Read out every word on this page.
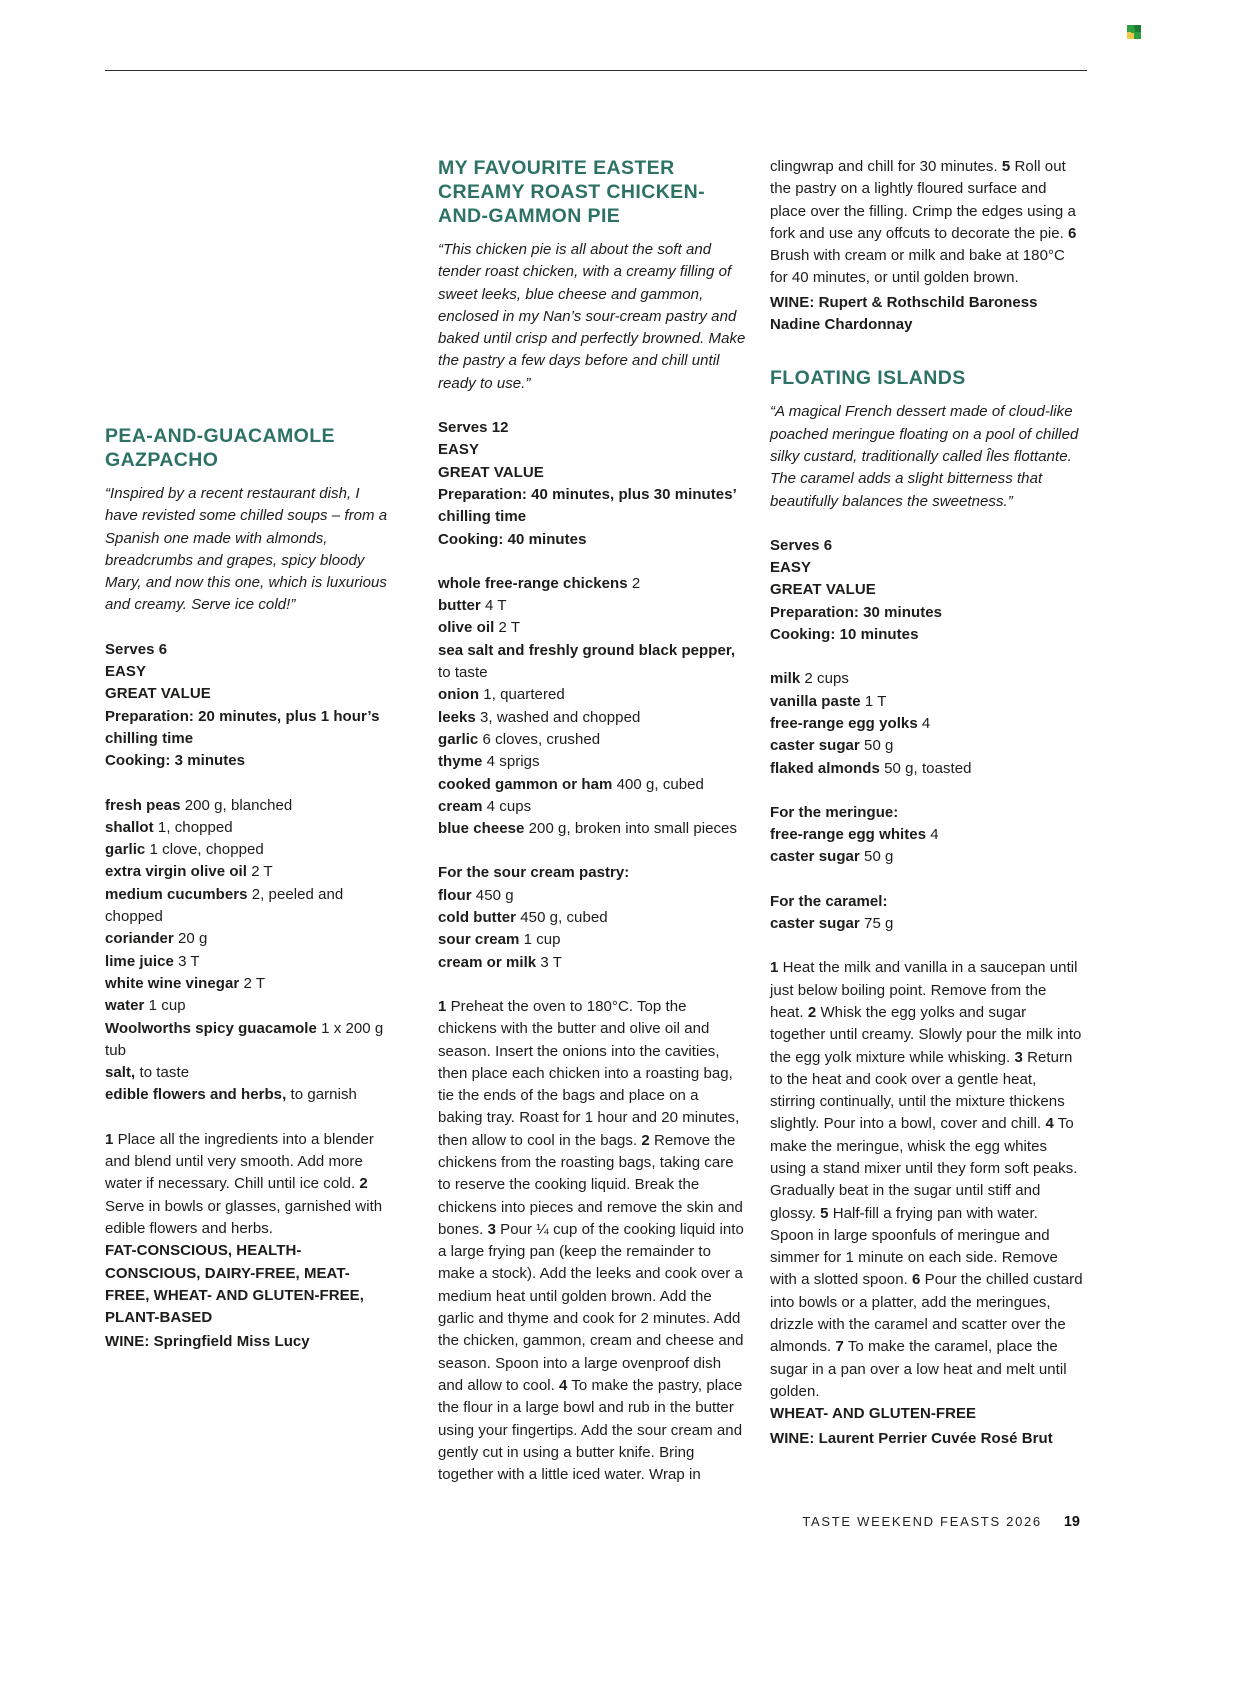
PEA-AND-GUACAMOLE GAZPACHO

“Inspired by a recent restaurant dish, I have revisted some chilled soups – from a Spanish one made with almonds, breadcrumbs and grapes, spicy bloody Mary, and now this one, which is luxurious and creamy. Serve ice cold!”

Serves 6
EASY
GREAT VALUE
Preparation: 20 minutes, plus 1 hour’s chilling time
Cooking: 3 minutes
fresh peas 200 g, blanched
shallot 1, chopped
garlic 1 clove, chopped
extra virgin olive oil 2 T
medium cucumbers 2, peeled and chopped
coriander 20 g
lime juice 3 T
white wine vinegar 2 T
water 1 cup
Woolworths spicy guacamole 1 x 200 g tub
salt, to taste
edible flowers and herbs, to garnish

1 Place all the ingredients into a blender and blend until very smooth. Add more water if necessary. Chill until ice cold. 2 Serve in bowls or glasses, garnished with edible flowers and herbs.

FAT-CONSCIOUS, HEALTH-CONSCIOUS, DAIRY-FREE, MEAT-FREE, WHEAT- AND GLUTEN-FREE, PLANT-BASED

WINE: Springfield Miss Lucy

MY FAVOURITE EASTER CREAMY ROAST CHICKEN-AND-GAMMON PIE

“This chicken pie is all about the soft and tender roast chicken, with a creamy filling of sweet leeks, blue cheese and gammon, enclosed in my Nan’s sour-cream pastry and baked until crisp and perfectly browned. Make the pastry a few days before and chill until ready to use.”

Serves 12
EASY
GREAT VALUE
Preparation: 40 minutes, plus 30 minutes’ chilling time
Cooking: 40 minutes
whole free-range chickens 2
butter 4 T
olive oil 2 T
sea salt and freshly ground black pepper, to taste
onion 1, quartered
leeks 3, washed and chopped
garlic 6 cloves, crushed
thyme 4 sprigs
cooked gammon or ham 400 g, cubed
cream 4 cups
blue cheese 200 g, broken into small pieces
For the sour cream pastry:
flour 450 g
cold butter 450 g, cubed
sour cream 1 cup
cream or milk 3 T

1 Preheat the oven to 180°C. Top the chickens with the butter and olive oil and season. Insert the onions into the cavities, then place each chicken into a roasting bag, tie the ends of the bags and place on a baking tray. Roast for 1 hour and 20 minutes, then allow to cool in the bags. 2 Remove the chickens from the roasting bags, taking care to reserve the cooking liquid. Break the chickens into pieces and remove the skin and bones. 3 Pour ¼ cup of the cooking liquid into a large frying pan (keep the remainder to make a stock). Add the leeks and cook over a medium heat until golden brown. Add the garlic and thyme and cook for 2 minutes. Add the chicken, gammon, cream and cheese and season. Spoon into a large ovenproof dish and allow to cool. 4 To make the pastry, place the flour in a large bowl and rub in the butter using your fingertips. Add the sour cream and gently cut in using a butter knife. Bring together with a little iced water. Wrap in

clingwrap and chill for 30 minutes. 5 Roll out the pastry on a lightly floured surface and place over the filling. Crimp the edges using a fork and use any offcuts to decorate the pie. 6 Brush with cream or milk and bake at 180°C for 40 minutes, or until golden brown.

WINE: Rupert & Rothschild Baroness Nadine Chardonnay

FLOATING ISLANDS

“A magical French dessert made of cloud-like poached meringue floating on a pool of chilled silky custard, traditionally called Îles flottante. The caramel adds a slight bitterness that beautifully balances the sweetness.”

Serves 6
EASY
GREAT VALUE
Preparation: 30 minutes
Cooking: 10 minutes
milk 2 cups
vanilla paste 1 T
free-range egg yolks 4
caster sugar 50 g
flaked almonds 50 g, toasted
For the meringue:
free-range egg whites 4
caster sugar 50 g
For the caramel:
caster sugar 75 g

1 Heat the milk and vanilla in a saucepan until just below boiling point. Remove from the heat. 2 Whisk the egg yolks and sugar together until creamy. Slowly pour the milk into the egg yolk mixture while whisking. 3 Return to the heat and cook over a gentle heat, stirring continually, until the mixture thickens slightly. Pour into a bowl, cover and chill. 4 To make the meringue, whisk the egg whites using a stand mixer until they form soft peaks. Gradually beat in the sugar until stiff and glossy. 5 Half-fill a frying pan with water. Spoon in large spoonfuls of meringue and simmer for 1 minute on each side. Remove with a slotted spoon. 6 Pour the chilled custard into bowls or a platter, add the meringues, drizzle with the caramel and scatter over the almonds. 7 To make the caramel, place the sugar in a pan over a low heat and melt until golden.

WHEAT- AND GLUTEN-FREE

WINE: Laurent Perrier Cuvée Rosé Brut

TASTE WEEKEND FEASTS 2026 19
